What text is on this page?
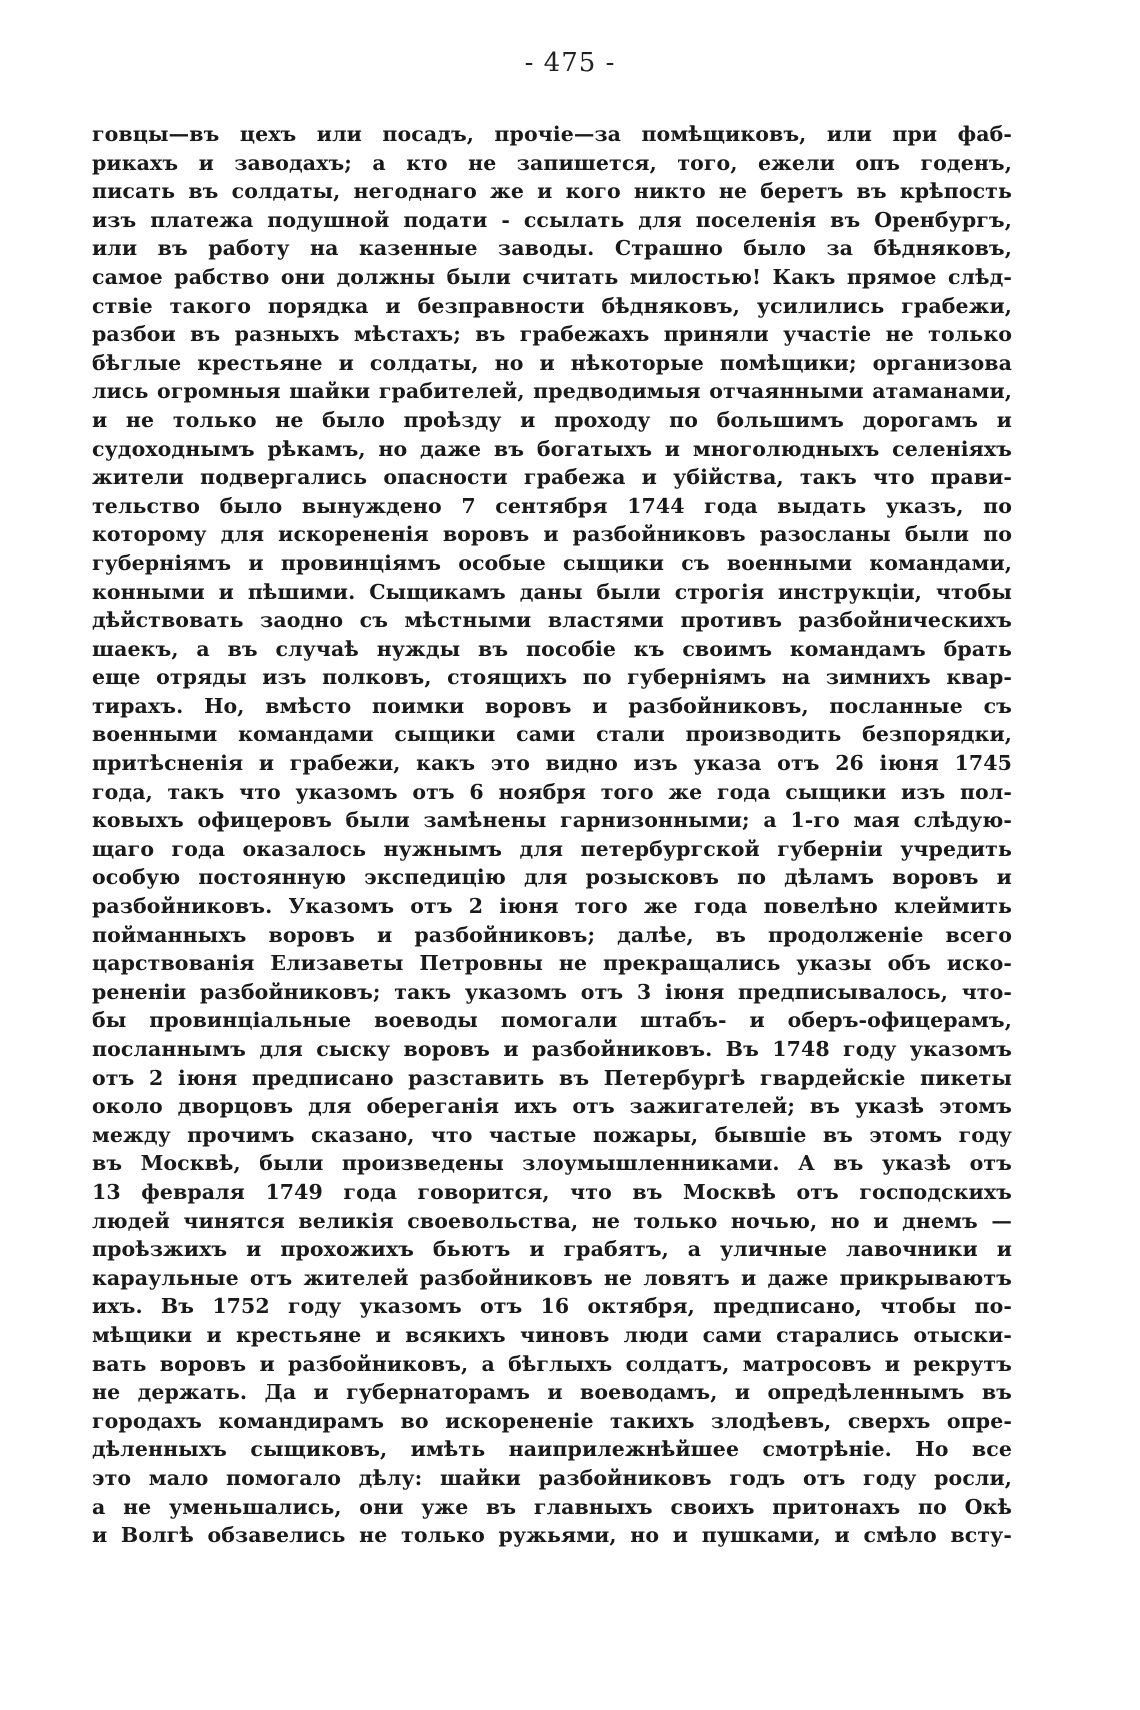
- 475 -
говцы—въ цехъ или посадъ, прочіе—за помѣщиковъ, или при фаб-
рикахъ и заводахъ; а кто не запишется, того, ежели опъ годенъ,
писать въ солдаты, негоднаго же и кого никто не беретъ въ крѣпость
изъ платежа подушной подати - ссылать для поселенія въ Оренбургъ,
или въ работу на казенные заводы. Страшно было за бѣдняковъ,
самое рабство они должны были считать милостью! Какъ прямое слѣд-
ствіе такого порядка и безправности бѣдняковъ, усилились грабежи,
разбои въ разныхъ мѣстахъ; въ грабежахъ приняли участіе не только
бѣглые крестьяне и солдаты, но и нѣкоторые помѣщики; организова
лись огромныя шайки грабителей, предводимыя отчаянными атаманами,
и не только не было проѣзду и проходу по большимъ дорогамъ и
судоходнымъ рѣкамъ, но даже въ богатыхъ и многолюдныхъ селеніяхъ
жители подвергались опасности грабежа и убійства, такъ что прави-
тельство было вынуждено 7 сентября 1744 года выдать указъ, по
которому для искорененія воровъ и разбойниковъ разосланы были по
губерніямъ и провинціямъ особые сыщики съ военными командами,
конными и пѣшими. Сыщикамъ даны были строгія инструкціи, чтобы
дѣйствовать заодно съ мѣстными властями противъ разбойническихъ
шаекъ, а въ случаѣ нужды въ пособіе къ своимъ командамъ брать
еще отряды изъ полковъ, стоящихъ по губерніямъ на зимнихъ квар-
тирахъ. Но, вмѣсто поимки воровъ и разбойниковъ, посланные съ
военными командами сыщики сами стали производить безпорядки,
притѣсненія и грабежи, какъ это видно изъ указа отъ 26 іюня 1745
года, такъ что указомъ отъ 6 ноября того же года сыщики изъ пол-
ковыхъ офицеровъ были замѣнены гарнизонными; а 1-го мая слѣдую-
щаго года оказалось нужнымъ для петербургской губерніи учредить
особую постоянную экспедицію для розысковъ по дѣламъ воровъ и
разбойниковъ. Указомъ отъ 2 іюня того же года повелѣно клеймить
пойманныхъ воровъ и разбойниковъ; далѣе, въ продолженіе всего
царствованія Елизаветы Петровны не прекращались указы объ иско-
рененіи разбойниковъ; такъ указомъ отъ 3 іюня предписывалось, что-
бы провинціальные воеводы помогали штабъ- и оберъ-офицерамъ,
посланнымъ для сыску воровъ и разбойниковъ. Въ 1748 году указомъ
отъ 2 іюня предписано разставить въ Петербургѣ гвардейскіе пикеты
около дворцовъ для обереганія ихъ отъ зажигателей; въ указѣ этомъ
между прочимъ сказано, что частые пожары, бывшіе въ этомъ году
въ Москвѣ, были произведены злоумышленниками. А въ указѣ отъ
13 февраля 1749 года говорится, что въ Москвѣ отъ господскихъ
людей чинятся великія своевольства, не только ночью, но и днемъ —
проѣзжихъ и прохожихъ бьютъ и грабятъ, а уличные лавочники и
караульные отъ жителей разбойниковъ не ловятъ и даже прикрываютъ
ихъ. Въ 1752 году указомъ отъ 16 октября, предписано, чтобы по-
мѣщики и крестьяне и всякихъ чиновъ люди сами старались отыски-
вать воровъ и разбойниковъ, а бѣглыхъ солдатъ, матросовъ и рекрутъ
не держать. Да и губернаторамъ и воеводамъ, и опредѣленнымъ въ
городахъ командирамъ во искорененіе такихъ злодѣевъ, сверхъ опре-
дѣленныхъ сыщиковъ, имѣть наиприлежнѣйшее смотрѣніе. Но все
это мало помогало дѣлу: шайки разбойниковъ годъ отъ году росли,
а не уменьшались, они уже въ главныхъ своихъ притонахъ по Окѣ
и Волгѣ обзавелись не только ружьями, но и пушками, и смѣло всту-
